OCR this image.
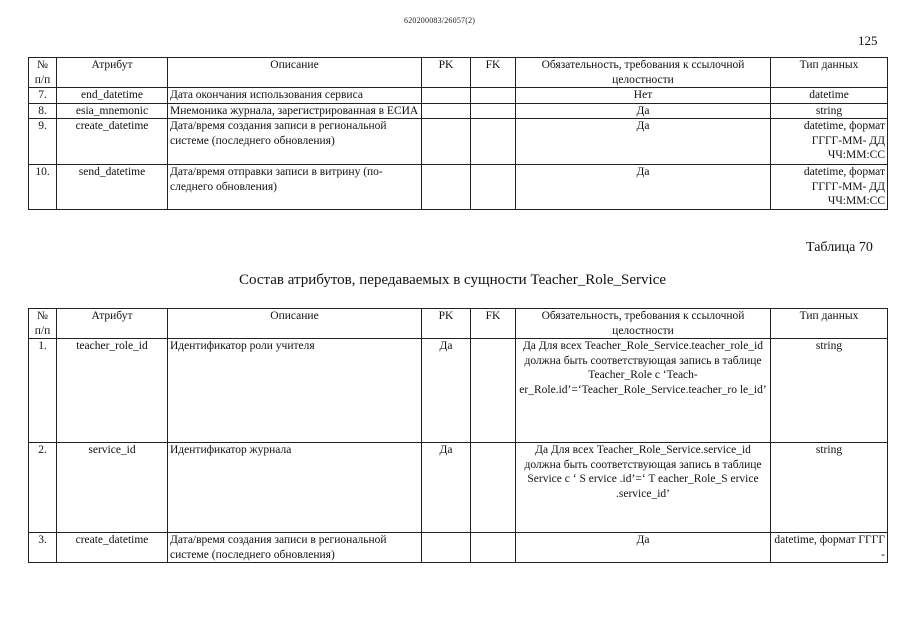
620200083/26057(2)
125
№ п/п	Атрибут	Описание	PK	FK	Обязательность, требования к ссылочной целостности	Тип данных
7.	end_datetime	Дата окончания использования сервиса			Нет	datetime
8.	esia_mnemonic	Мнемоника журнала, зарегистрированная в ЕСИА			Да	string
9.	create_datetime	Дата/время создания записи в региональной системе (последнего обновления)			Да	datetime, формат ГГГГ-ММ- ДД ЧЧ:ММ:СС
10.	send_datetime	Дата/время отправки записи в витрину (по-следнего обновления)			Да	datetime, формат ГГГГ-ММ- ДД ЧЧ:ММ:СС
Таблица 70
Состав атрибутов, передаваемых в сущности Teacher_Role_Service
№ п/п	Атрибут	Описание	PK	FK	Обязательность, требования к ссылочной целостности	Тип данных
1.	teacher_role_id	Идентификатор роли учителя	Да		Да Для всех Teacher_Role_Service.teacher_role_id должна быть соответствующая запись в таблице Teacher_Role с ‘Teach-er_Role.id’=‘Teacher_Role_Service.teacher_ro le_id’	string
2.	service_id	Идентификатор журнала	Да		Да Для всех Teacher_Role_Service.service_id должна быть соответствующая запись в таблице Service с ‘ S ervice .id’=‘ T eacher_Role_S ervice .service_id’	string
3.	create_datetime	Дата/время создания записи в региональной системе (последнего обновления)			Да	datetime, формат ГГГГ -
